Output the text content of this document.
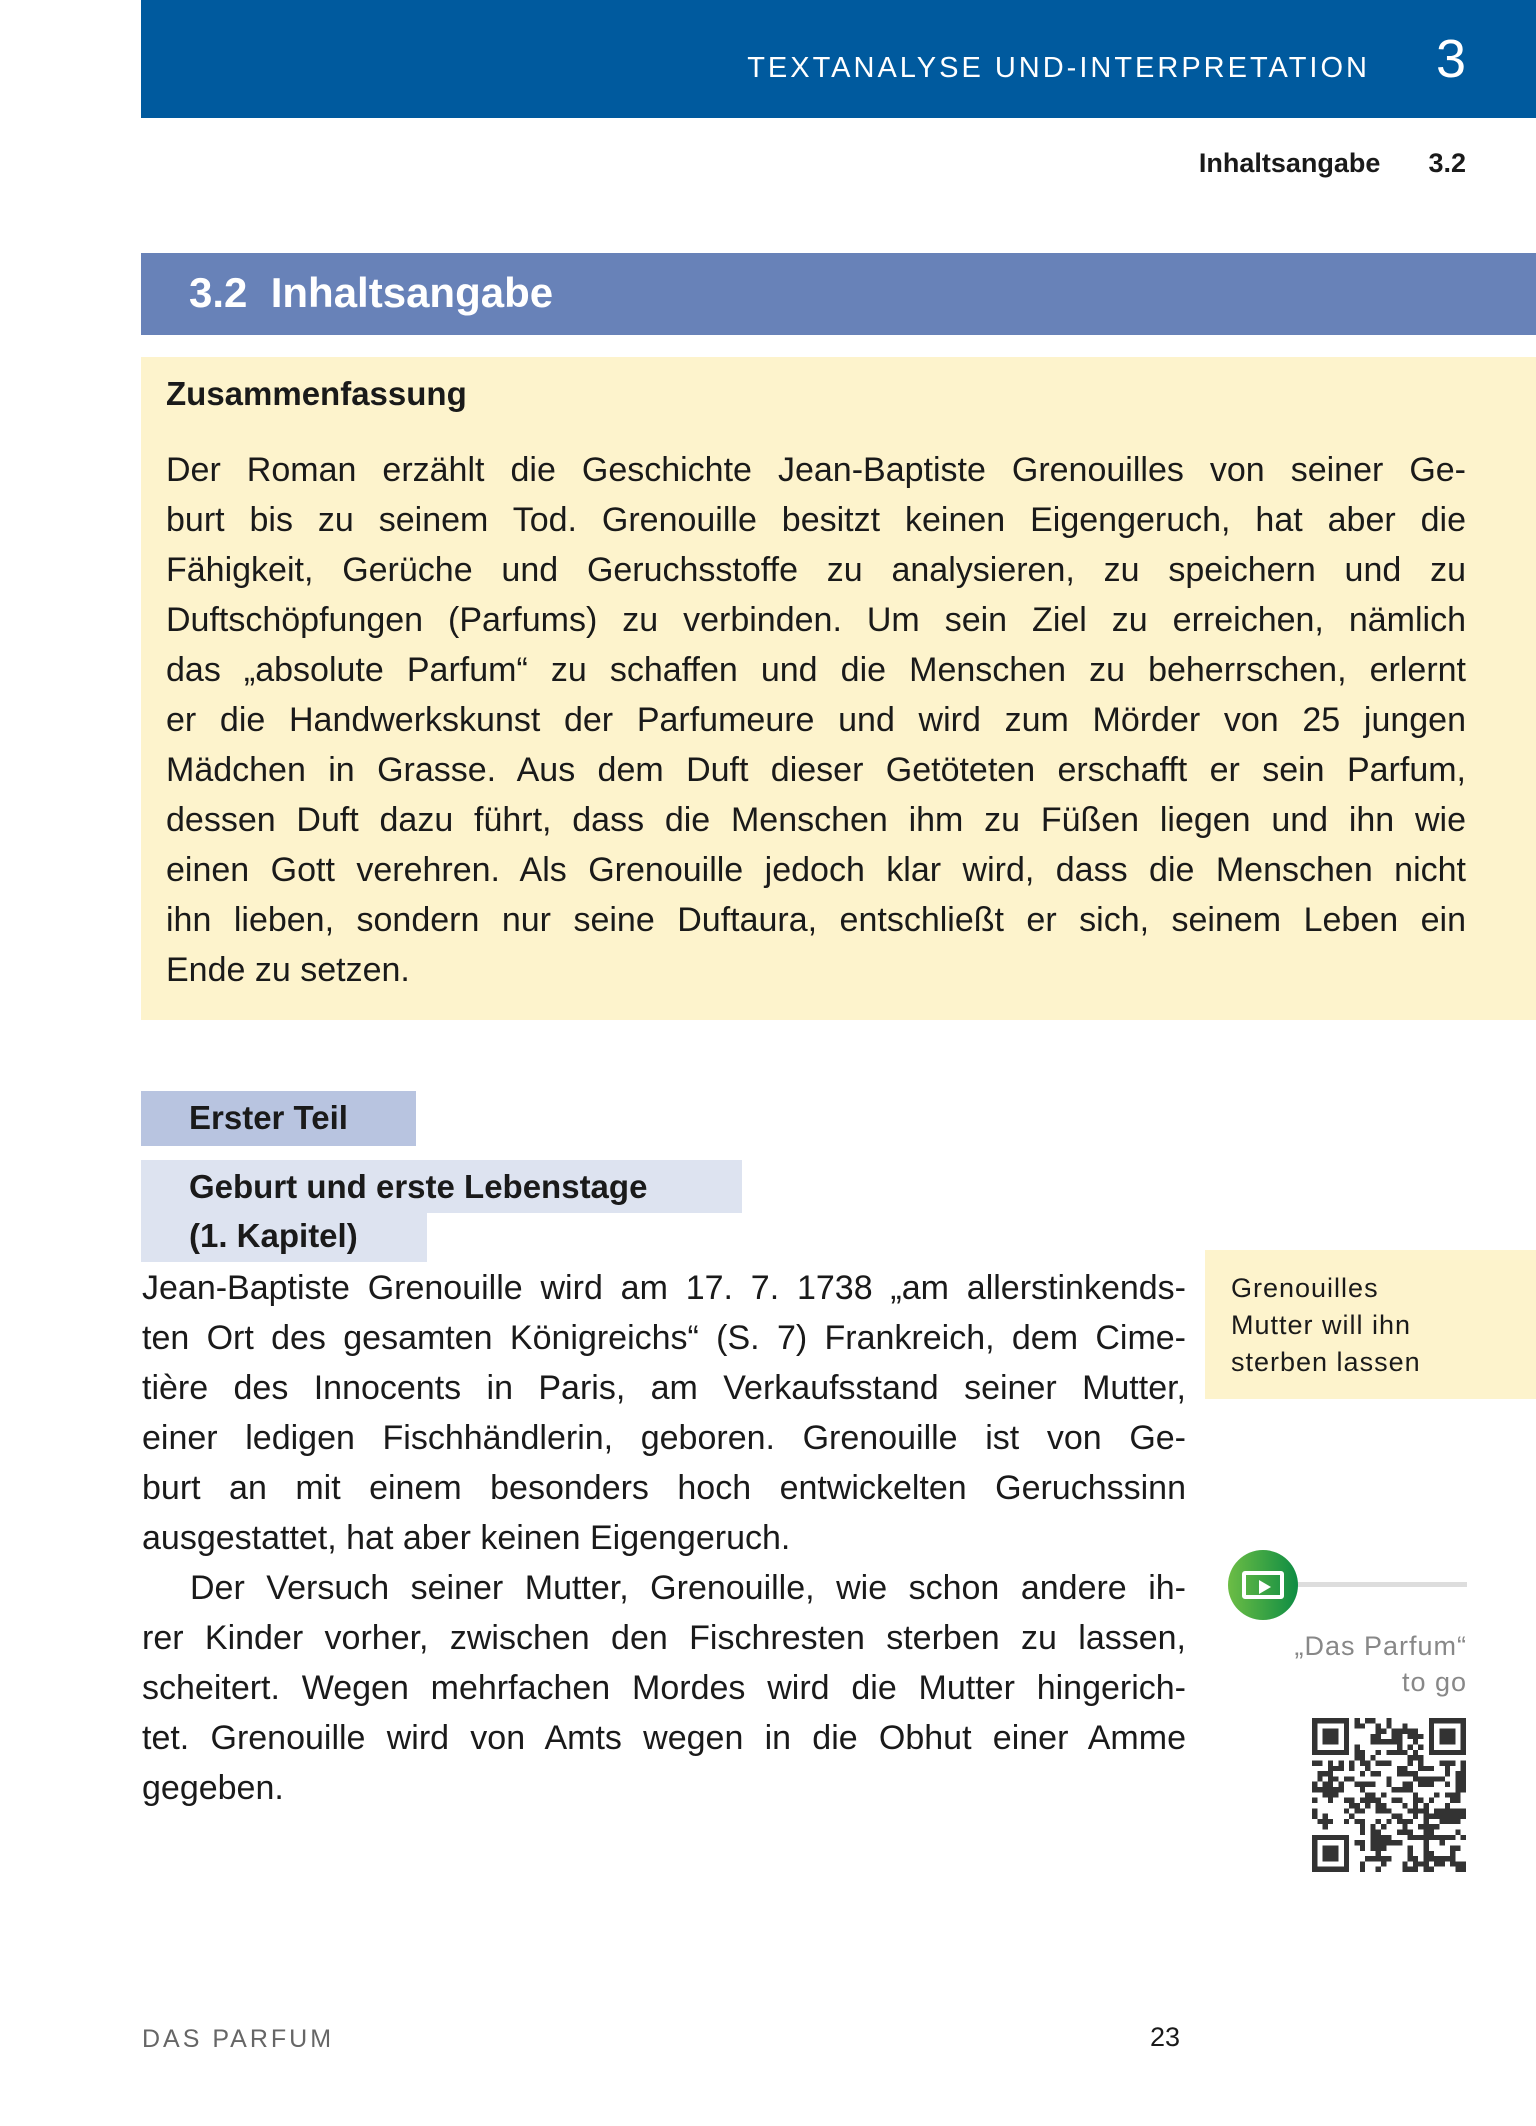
TEXTANALYSE UND-INTERPRETATION 3
Inhaltsangabe 3.2
3.2  Inhaltsangabe
Zusammenfassung
Der Roman erzählt die Geschichte Jean-Baptiste Grenouilles von seiner Ge-
burt bis zu seinem Tod. Grenouille besitzt keinen Eigengeruch, hat aber die
Fähigkeit, Gerüche und Geruchsstoffe zu analysieren, zu speichern und zu
Duftschöpfungen (Parfums) zu verbinden. Um sein Ziel zu erreichen, nämlich
das „absolute Parfum“ zu schaffen und die Menschen zu beherrschen, erlernt
er die Handwerkskunst der Parfumeure und wird zum Mörder von 25 jungen
Mädchen in Grasse. Aus dem Duft dieser Getöteten erschafft er sein Parfum,
dessen Duft dazu führt, dass die Menschen ihm zu Füßen liegen und ihn wie
einen Gott verehren. Als Grenouille jedoch klar wird, dass die Menschen nicht
ihn lieben, sondern nur seine Duftaura, entschließt er sich, seinem Leben ein
Ende zu setzen.
Erster Teil
Geburt und erste Lebenstage
(1. Kapitel)
Jean-Baptiste Grenouille wird am 17. 7. 1738 „am allerstinkends-
ten Ort des gesamten Königreichs“ (S. 7) Frankreich, dem Cime-
tière des Innocents in Paris, am Verkaufsstand seiner Mutter,
einer ledigen Fischhändlerin, geboren. Grenouille ist von Ge-
burt an mit einem besonders hoch entwickelten Geruchssinn
ausgestattet, hat aber keinen Eigengeruch.
Der Versuch seiner Mutter, Grenouille, wie schon andere ih-
rer Kinder vorher, zwischen den Fischresten sterben zu lassen,
scheitert. Wegen mehrfachen Mordes wird die Mutter hingerich-
tet. Grenouille wird von Amts wegen in die Obhut einer Amme
gegeben.
Grenouilles
Mutter will ihn
sterben lassen
„Das Parfum“
to go
DAS PARFUM	23
